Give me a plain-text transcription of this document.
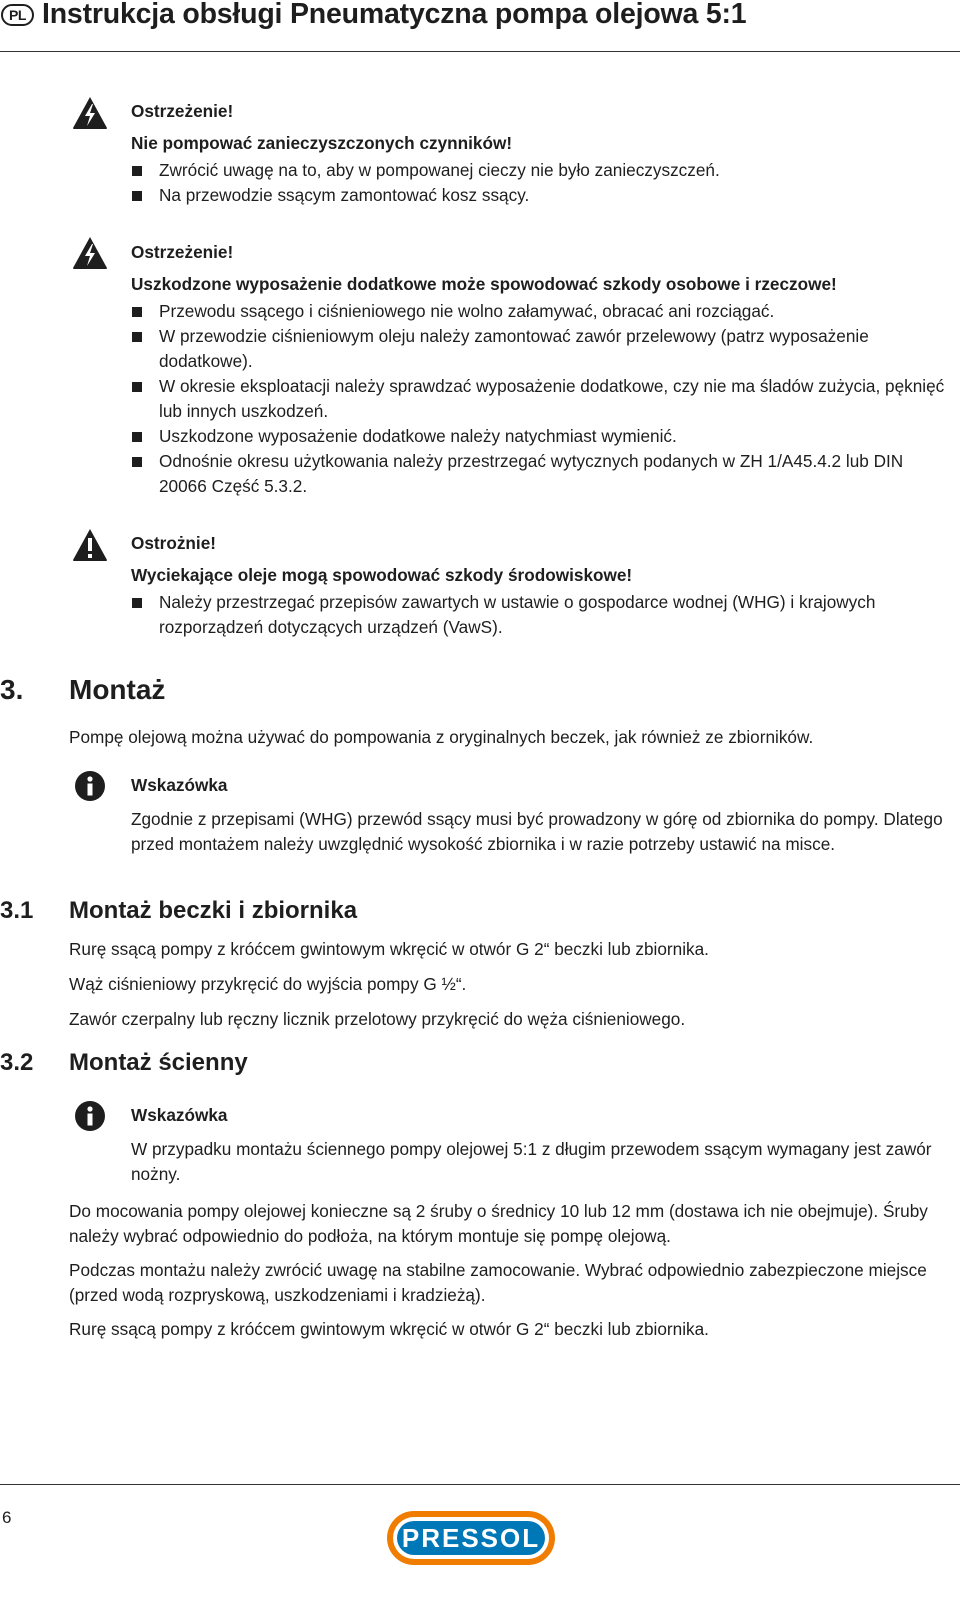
PL Instrukcja obsługi Pneumatyczna pompa olejowa 5:1
Ostrzeżenie!
Nie pompować zanieczyszczonych czynników!
Zwrócić uwagę na to, aby w pompowanej cieczy nie było zanieczyszczeń.
Na przewodzie ssącym zamontować kosz ssący.
Ostrzeżenie!
Uszkodzone wyposażenie dodatkowe może spowodować szkody osobowe i rzeczowe!
Przewodu ssącego i ciśnieniowego nie wolno załamywać, obracać ani rozciągać.
W przewodzie ciśnieniowym oleju należy zamontować zawór przelewowy (patrz wyposażenie dodatkowe).
W okresie eksploatacji należy sprawdzać wyposażenie dodatkowe, czy nie ma śladów zużycia, pęknięć lub innych uszkodzeń.
Uszkodzone wyposażenie dodatkowe należy natychmiast wymienić.
Odnośnie okresu użytkowania należy przestrzegać wytycznych podanych w ZH 1/A45.4.2 lub DIN 20066 Część 5.3.2.
Ostrożnie!
Wyciekające oleje mogą spowodować szkody środowiskowe!
Należy przestrzegać przepisów zawartych w ustawie o gospodarce wodnej (WHG) i krajowych rozporządzeń dotyczących urządzeń (VawS).
3. Montaż
Pompę olejową można używać do pompowania z oryginalnych beczek, jak również ze zbiorników.
Wskazówka
Zgodnie z przepisami (WHG) przewód ssący musi być prowadzony w górę od zbiornika do pompy. Dlatego przed montażem należy uwzględnić wysokość zbiornika i w razie potrzeby ustawić na misce.
3.1 Montaż beczki i zbiornika
Rurę ssącą pompy z króćcem gwintowym wkręcić w otwór G 2“ beczki lub zbiornika.
Wąż ciśnieniowy przykręcić do wyjścia pompy G ½“.
Zawór czerpalny lub ręczny licznik przelotowy przykręcić do węża ciśnieniowego.
3.2 Montaż ścienny
Wskazówka
W przypadku montażu ściennego pompy olejowej 5:1 z długim przewodem ssącym wymagany jest zawór nożny.
Do mocowania pompy olejowej konieczne są 2 śruby o średnicy 10 lub 12 mm (dostawa ich nie obejmuje). Śruby należy wybrać odpowiednio do podłoża, na którym montuje się pompę olejową.
Podczas montażu należy zwrócić uwagę na stabilne zamocowanie. Wybrać odpowiednio zabezpieczone miejsce (przed wodą rozpryskową, uszkodzeniami i kradzieżą).
Rurę ssącą pompy z króćcem gwintowym wkręcić w otwór G 2“ beczki lub zbiornika.
6
PRESSOL
